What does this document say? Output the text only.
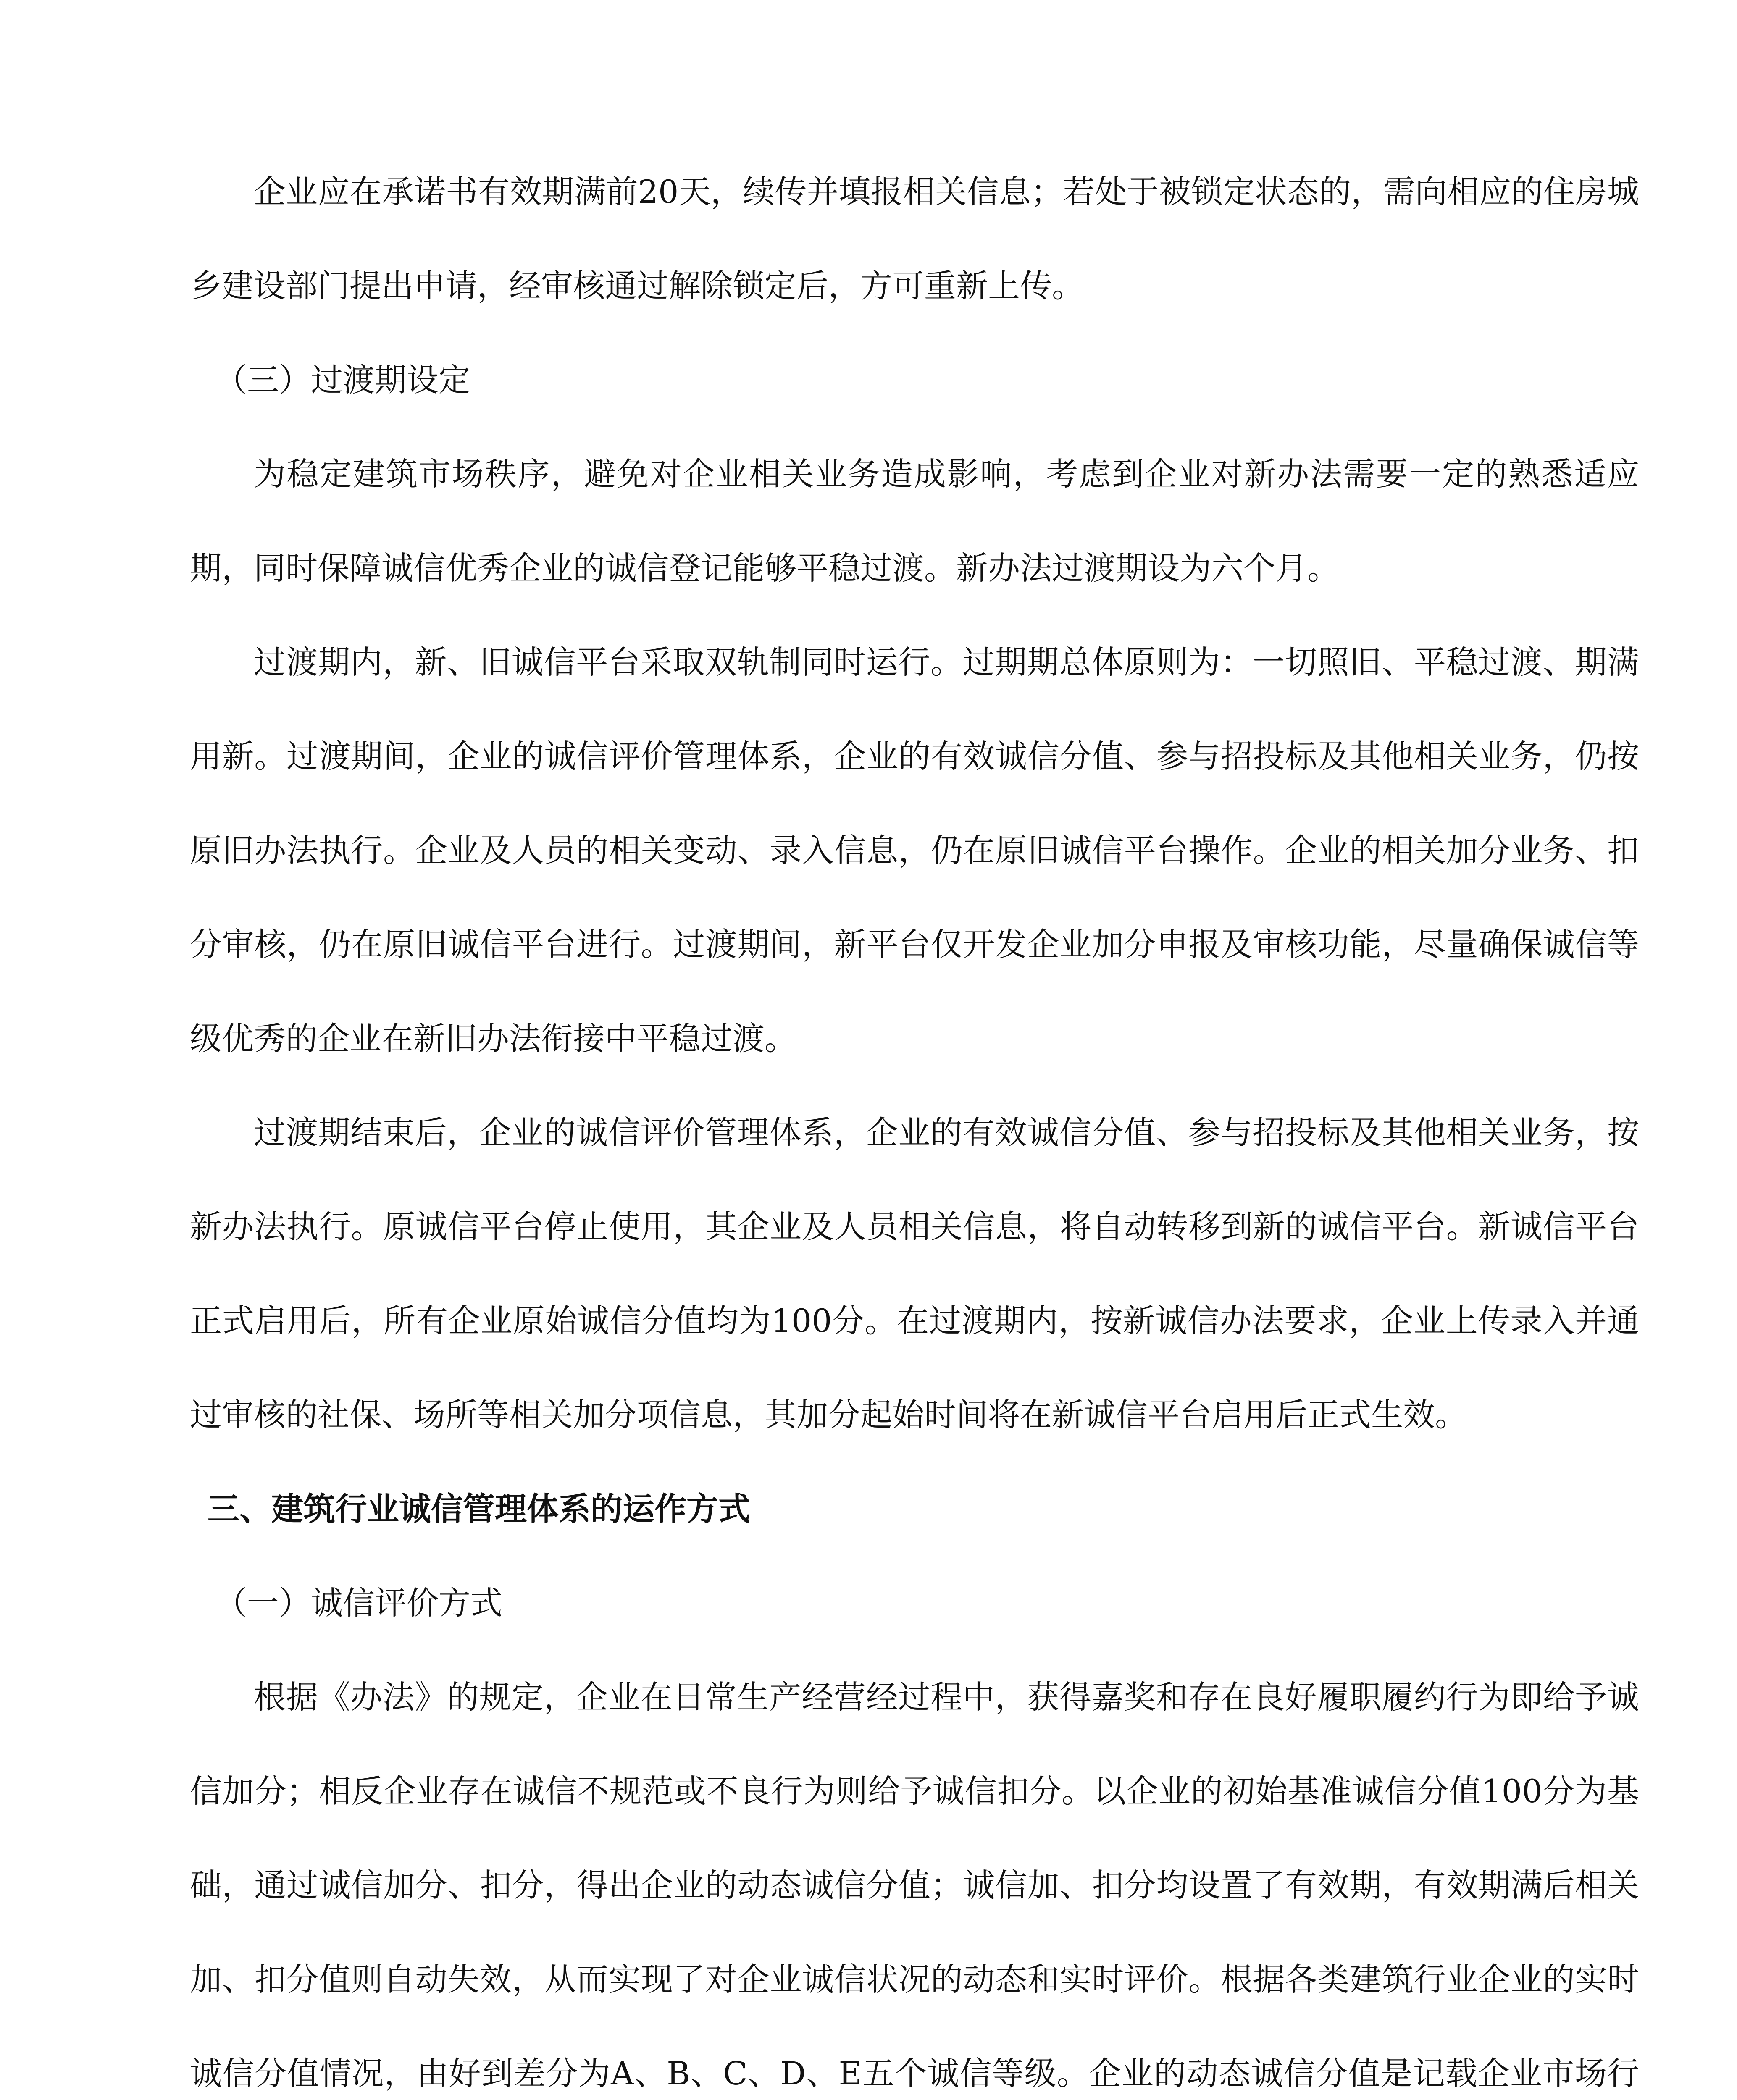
企业应在承诺书有效期满前20天，续传并填报相关信息；若处于被锁定状态的，需向相应的住房城乡建设部门提出申请，经审核通过解除锁定后，方可重新上传。

（三）过渡期设定

为稳定建筑市场秩序，避免对企业相关业务造成影响，考虑到企业对新办法需要一定的熟悉适应期，同时保障诚信优秀企业的诚信登记能够平稳过渡。新办法过渡期设为六个月。

过渡期内，新、旧诚信平台采取双轨制同时运行。过期期总体原则为：一切照旧、平稳过渡、期满用新。过渡期间，企业的诚信评价管理体系，企业的有效诚信分值、参与招投标及其他相关业务，仍按原旧办法执行。企业及人员的相关变动、录入信息，仍在原旧诚信平台操作。企业的相关加分业务、扣分审核，仍在原旧诚信平台进行。过渡期间，新平台仅开发企业加分申报及审核功能，尽量确保诚信等级优秀的企业在新旧办法衔接中平稳过渡。

过渡期结束后，企业的诚信评价管理体系，企业的有效诚信分值、参与招投标及其他相关业务，按新办法执行。原诚信平台停止使用，其企业及人员相关信息，将自动转移到新的诚信平台。新诚信平台正式启用后，所有企业原始诚信分值均为100分。在过渡期内，按新诚信办法要求，企业上传录入并通过审核的社保、场所等相关加分项信息，其加分起始时间将在新诚信平台启用后正式生效。

三、建筑行业诚信管理体系的运作方式

（一）诚信评价方式

根据《办法》的规定，企业在日常生产经营经过程中，获得嘉奖和存在良好履职履约行为即给予诚信加分；相反企业存在诚信不规范或不良行为则给予诚信扣分。以企业的初始基准诚信分值100分为基础，通过诚信加分、扣分，得出企业的动态诚信分值；诚信加、扣分均设置了有效期，有效期满后相关加、扣分值则自动失效，从而实现了对企业诚信状况的动态和实时评价。根据各类建筑行业企业的实时诚信分值情况，由好到差分为A、B、C、D、E五个诚信等级。企业的动态诚信分值是记载企业市场行
